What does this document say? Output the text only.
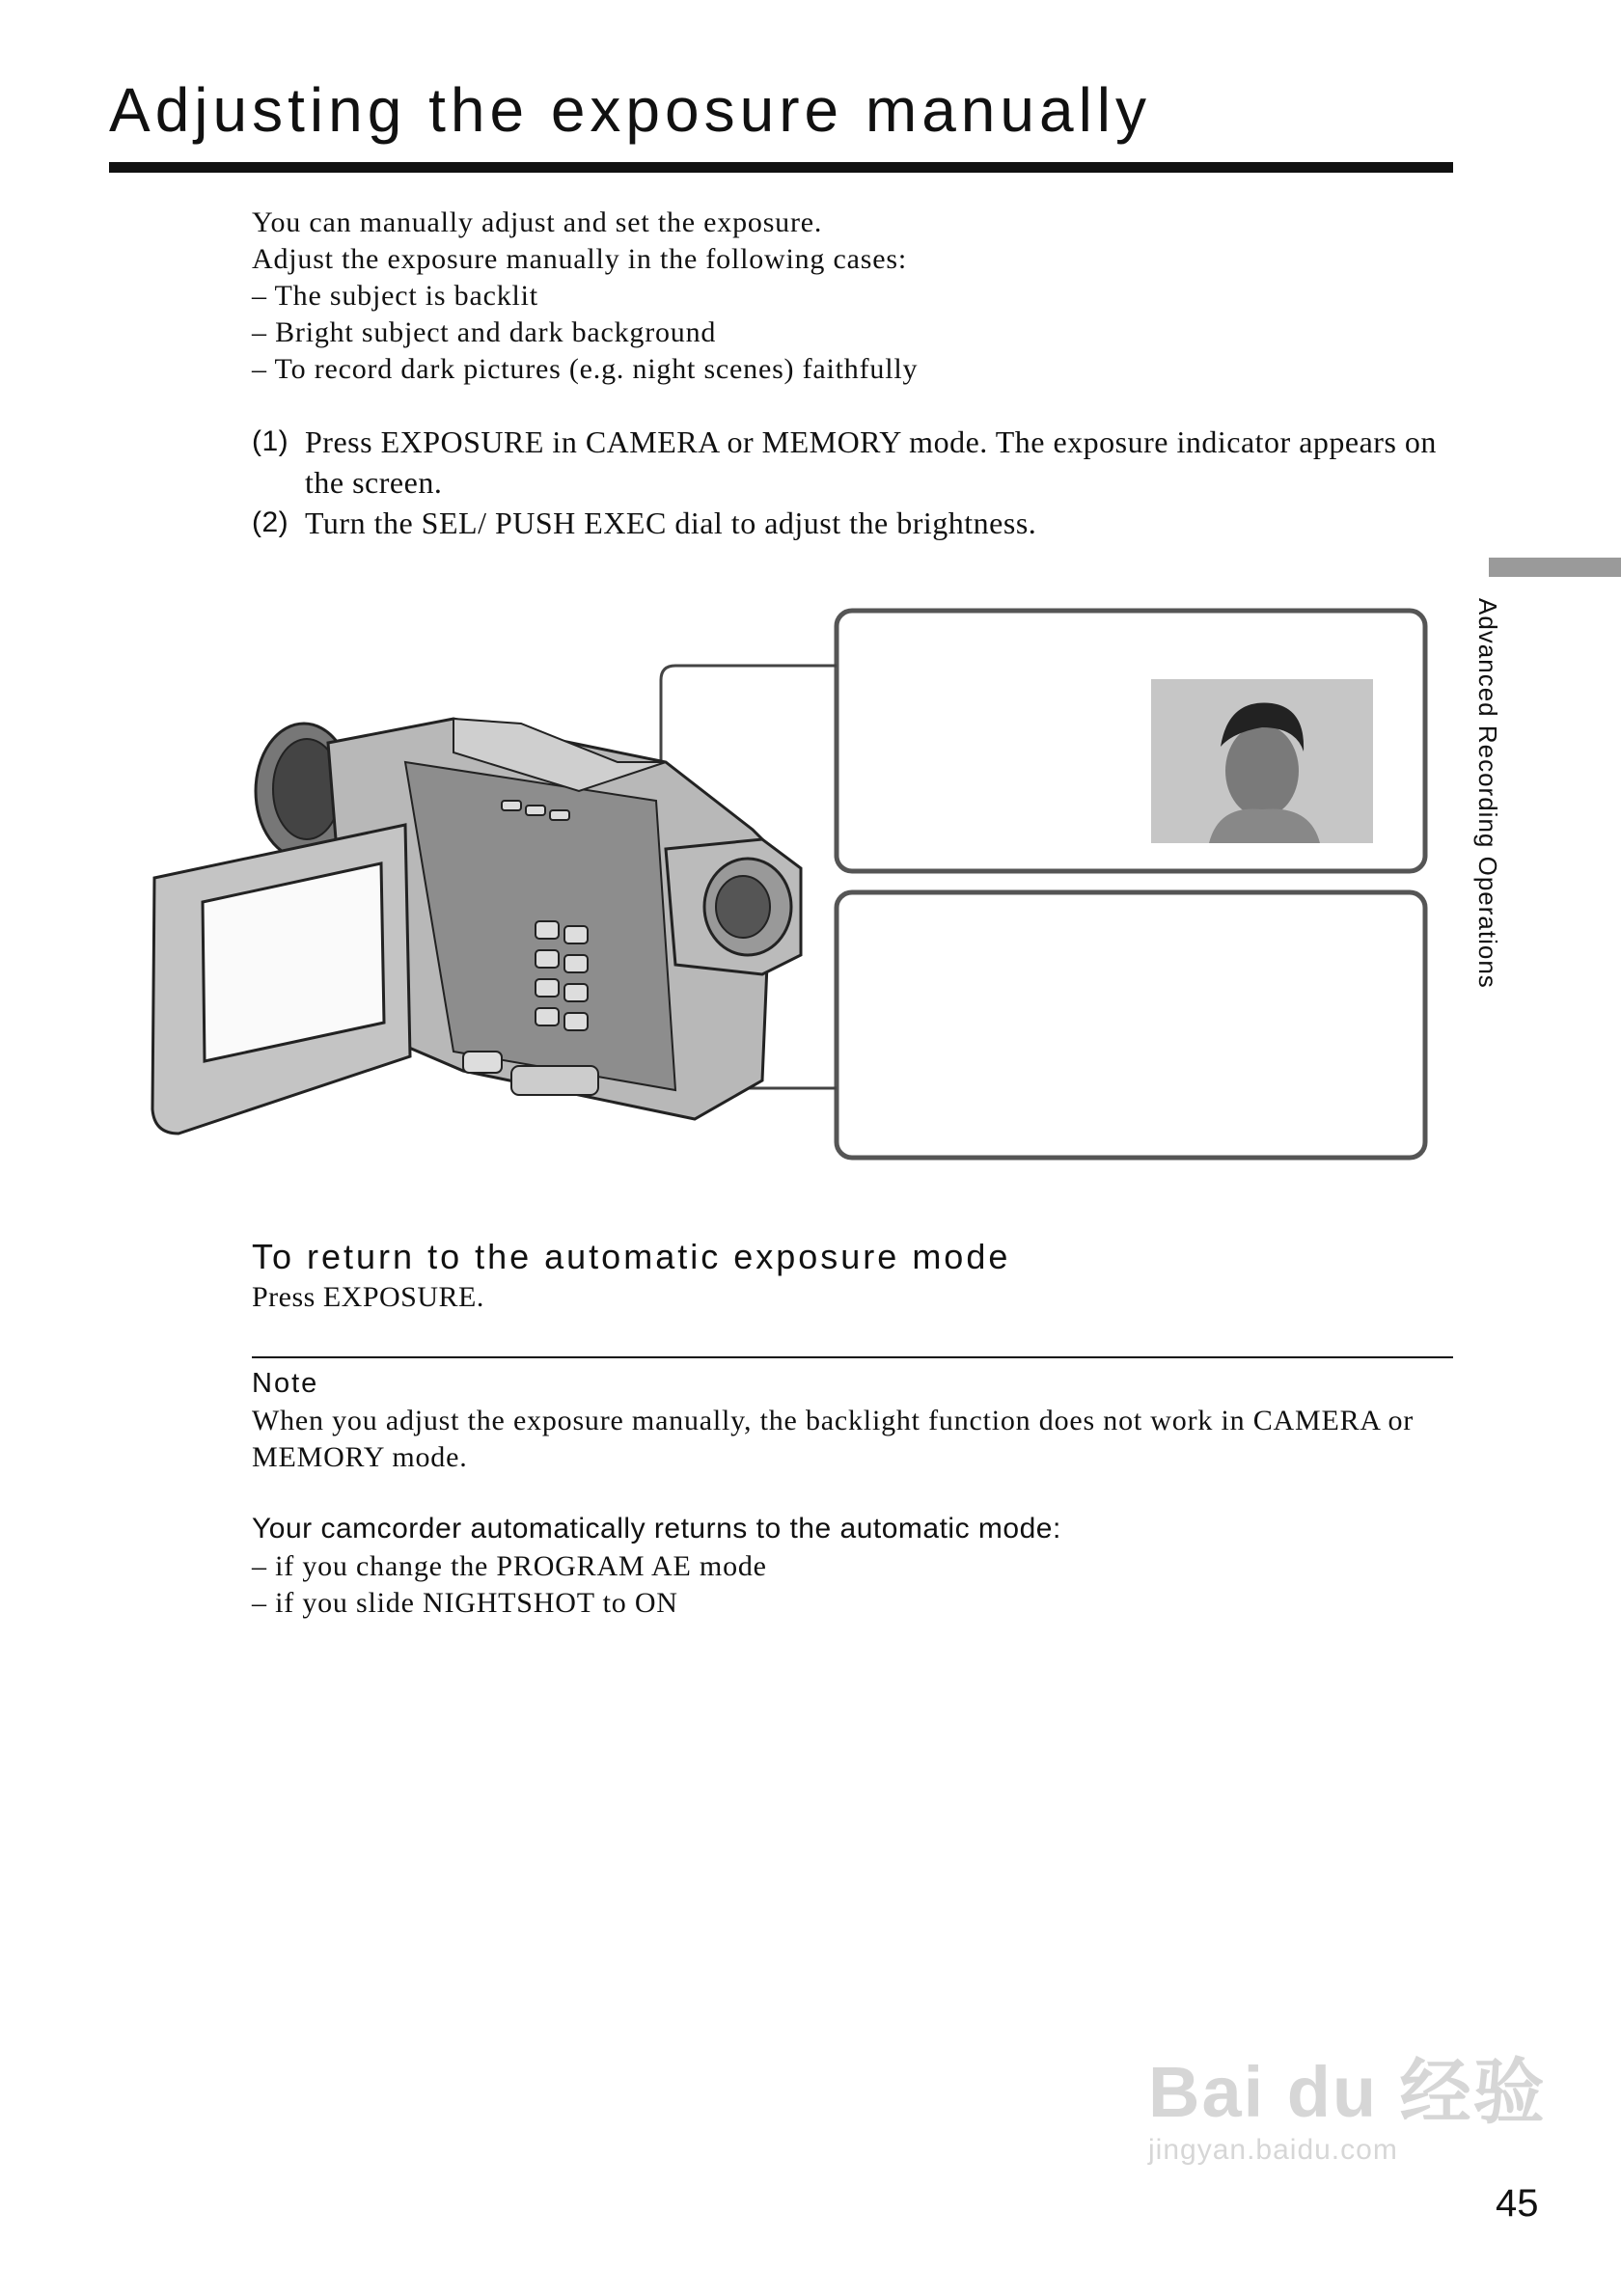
Adjusting the exposure manually
You can manually adjust and set the exposure.
Adjust the exposure manually in the following cases:
– The subject is backlit
– Bright subject and dark background
– To record dark pictures (e.g. night scenes) faithfully
(1) Press EXPOSURE in CAMERA or MEMORY mode. The exposure indicator appears on the screen.
(2) Turn the SEL/ PUSH EXEC dial to adjust the brightness.
Advanced Recording Operations
To return to the automatic exposure mode
Press EXPOSURE.
Note
When you adjust the exposure manually, the backlight function does not work in CAMERA or MEMORY mode.
Your camcorder automatically returns to the automatic mode:
– if you change the PROGRAM AE mode
– if you slide NIGHTSHOT to ON
Bai du 经验
jingyan.baidu.com
45
